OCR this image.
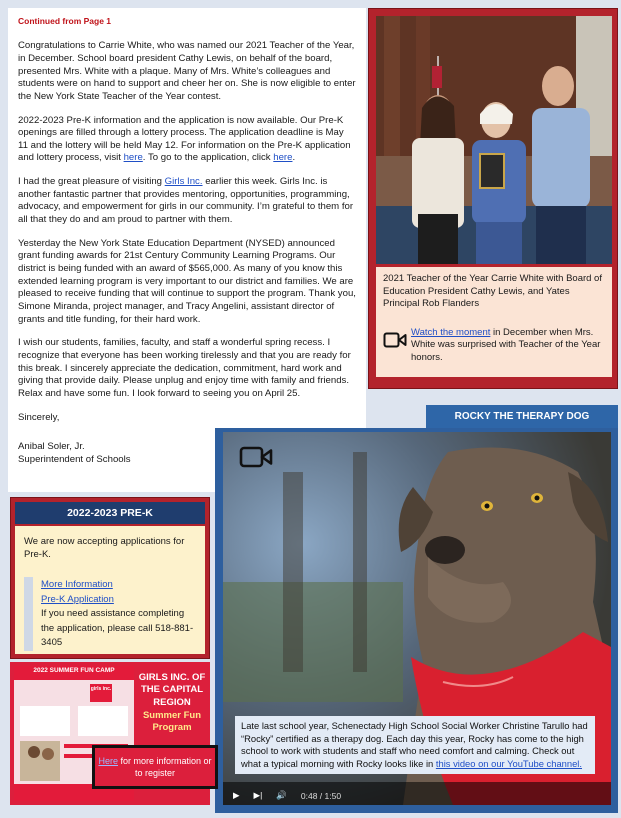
Continued from Page 1

Congratulations to Carrie White, who was named our 2021 Teacher of the Year, in December. School board president Cathy Lewis, on behalf of the board, presented Mrs. White with a plaque. Many of Mrs. White’s colleagues and students were on hand to support and cheer her on. She is now eligible to enter the New York State Teacher of the Year contest.

2022-2023 Pre-K information and the application is now available. Our Pre-K openings are filled through a lottery process. The application deadline is May 11 and the lottery will be held May 12. For information on the Pre-K application and lottery process, visit here. To go to the application, click here.

I had the great pleasure of visiting Girls Inc. earlier this week. Girls Inc. is another fantastic partner that provides mentoring, opportunities, programming, advocacy, and empowerment for girls in our community. I’m grateful to them for all that they do and am proud to partner with them.

Yesterday the New York State Education Department (NYSED) announced grant funding awards for 21st Century Community Learning Programs. Our district is being funded with an award of $565,000. As many of you know this extended learning program is very important to our district and families. We are pleased to receive funding that will continue to support the program. Thank you, Simone Miranda, project manager, and Tracy Angelini, assistant director of grants and title funding, for their hard work.

I wish our students, families, faculty, and staff a wonderful spring recess. I recognize that everyone has been working tirelessly and that you are ready for this break. I sincerely appreciate the dedication, commitment, hard work and giving that provide daily. Please unplug and enjoy time with family and friends. Relax and have some fun. I look forward to seeing you on April 25.

Sincerely,

Anibal Soler, Jr.
Superintendent of Schools
2021 Teacher of the Year Carrie White with Board of Education President Cathy Lewis, and Yates Principal Rob Flanders
Watch the moment in December when Mrs. White was surprised with Teacher of the Year honors.
ROCKY THE THERAPY DOG
Late last school year, Schenectady High School Social Worker Christine Tarullo had “Rocky” certified as a therapy dog. Each day this year, Rocky has come to the high school to work with students and staff who need comfort and calming. Check out what a typical morning with Rocky looks like in this video on our YouTube channel.
▶ ▶| 🔊 0:48 / 1:50
2022-2023 PRE-K
We are now accepting applications for Pre-K.
More Information
Pre-K Application
If you need assistance completing the application, please call 518-881-3405
2022 SUMMER FUN CAMP
girls inc.
GIRLS INC. OF THE CAPITAL REGION
Summer Fun Program
Here for more information or to register
